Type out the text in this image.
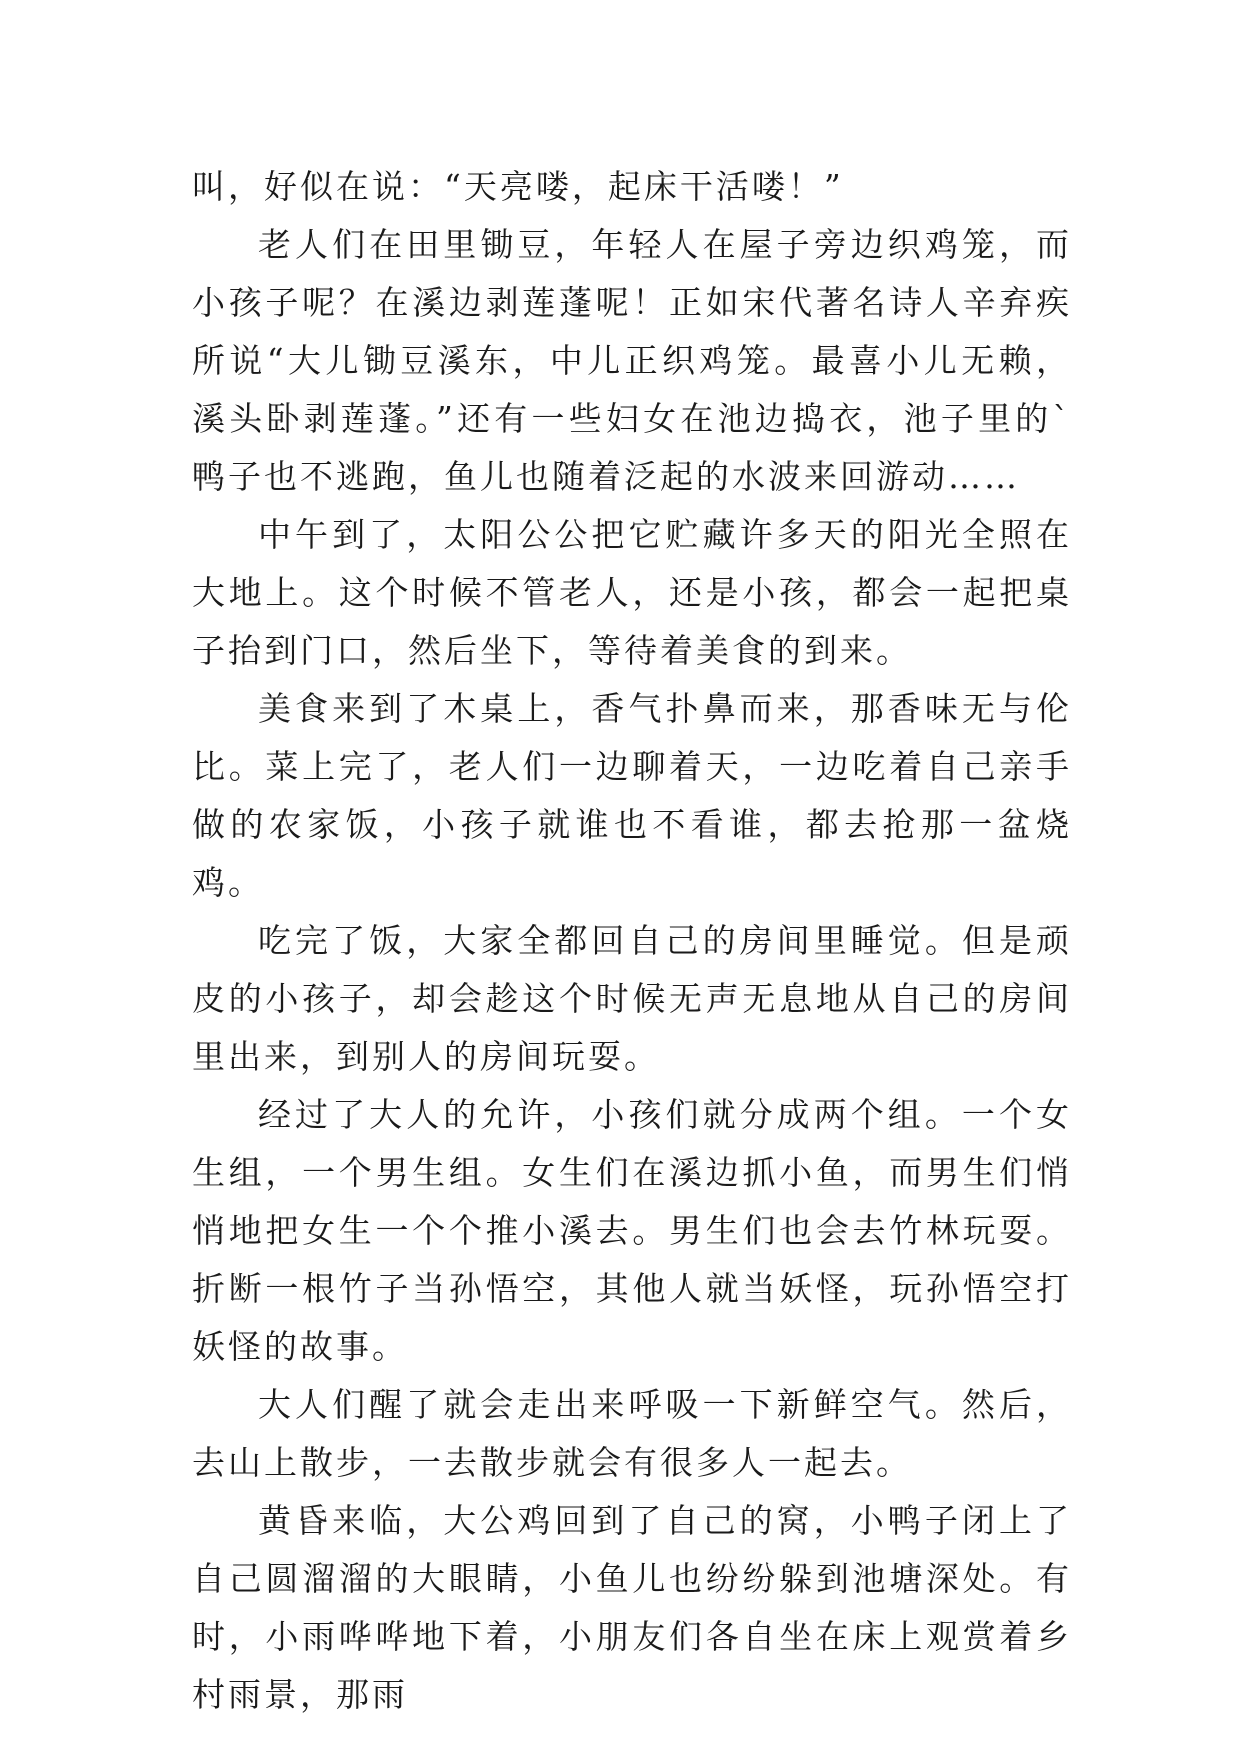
叫，好似在说：“天亮喽，起床干活喽！”

老人们在田里锄豆，年轻人在屋子旁边织鸡笼，而小孩子呢？在溪边剥莲蓬呢！正如宋代著名诗人辛弃疾所说“大儿锄豆溪东，中儿正织鸡笼。最喜小儿无赖，溪头卧剥莲蓬。”还有一些妇女在池边捣衣，池子里的`鸭子也不逃跑，鱼儿也随着泛起的水波来回游动……

中午到了，太阳公公把它贮藏许多天的阳光全照在大地上。这个时候不管老人，还是小孩，都会一起把桌子抬到门口，然后坐下，等待着美食的到来。

美食来到了木桌上，香气扑鼻而来，那香味无与伦比。菜上完了，老人们一边聊着天，一边吃着自己亲手做的农家饭，小孩子就谁也不看谁，都去抢那一盆烧鸡。

吃完了饭，大家全都回自己的房间里睡觉。但是顽皮的小孩子，却会趁这个时候无声无息地从自己的房间里出来，到别人的房间玩耍。

经过了大人的允许，小孩们就分成两个组。一个女生组，一个男生组。女生们在溪边抓小鱼，而男生们悄悄地把女生一个个推小溪去。男生们也会去竹林玩耍。折断一根竹子当孙悟空，其他人就当妖怪，玩孙悟空打妖怪的故事。

大人们醒了就会走出来呼吸一下新鲜空气。然后，去山上散步，一去散步就会有很多人一起去。

黄昏来临，大公鸡回到了自己的窝，小鸭子闭上了自己圆溜溜的大眼睛，小鱼儿也纷纷躲到池塘深处。有时，小雨哗哗地下着，小朋友们各自坐在床上观赏着乡村雨景，那雨
